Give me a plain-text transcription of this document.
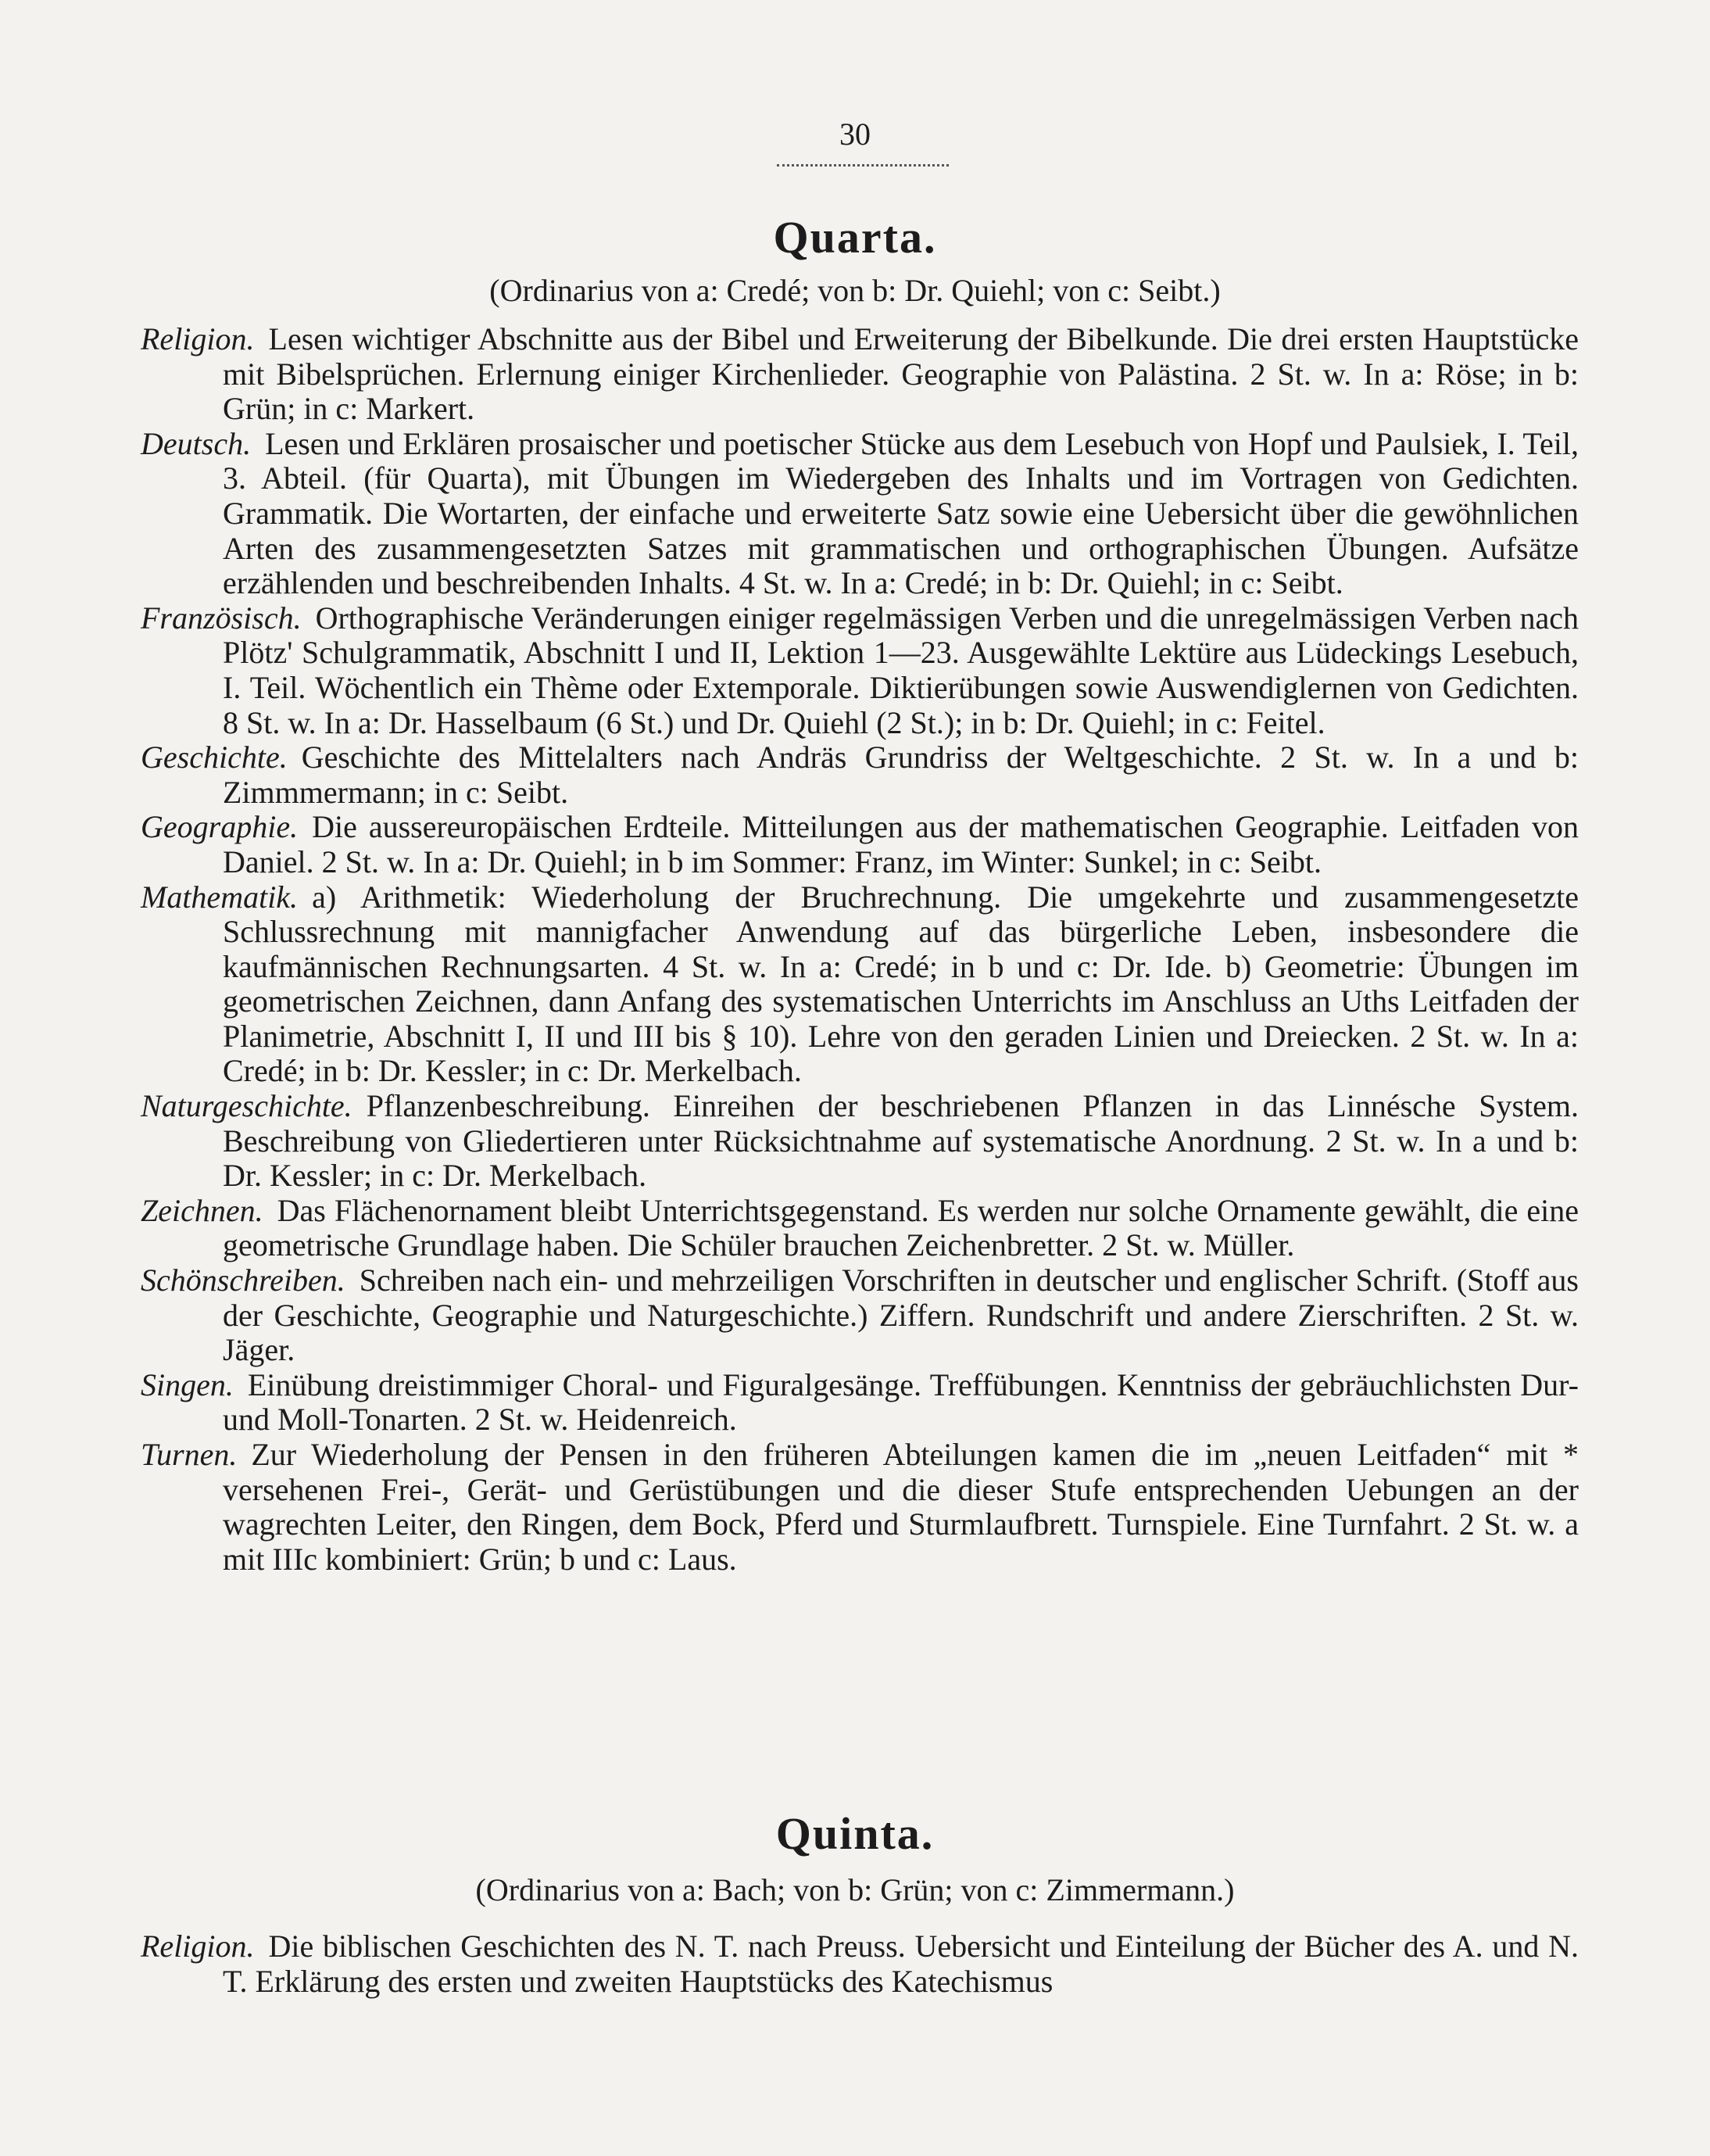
30
Quarta.
(Ordinarius von a: Credé; von b: Dr. Quiehl; von c: Seibt.)

Religion. Lesen wichtiger Abschnitte aus der Bibel und Erweiterung der Bibelkunde. Die drei ersten Hauptstücke mit Bibelsprüchen. Erlernung einiger Kirchenlieder. Geographie von Palästina. 2 St. w. In a: Röse; in b: Grün; in c: Markert.

Deutsch. Lesen und Erklären prosaischer und poetischer Stücke aus dem Lesebuch von Hopf und Paulsiek, I. Teil, 3. Abteil. (für Quarta), mit Übungen im Wiedergeben des Inhalts und im Vortragen von Gedichten. Grammatik. Die Wortarten, der einfache und erweiterte Satz sowie eine Uebersicht über die gewöhnlichen Arten des zusammengesetzten Satzes mit grammatischen und orthographischen Übungen. Aufsätze erzählenden und beschreibenden Inhalts. 4 St. w. In a: Credé; in b: Dr. Quiehl; in c: Seibt.

Französisch. Orthographische Veränderungen einiger regelmässigen Verben und die unregelmässigen Verben nach Plötz' Schulgrammatik, Abschnitt I und II, Lektion 1—23. Ausgewählte Lektüre aus Lüdeckings Lesebuch, I. Teil. Wöchentlich ein Thème oder Extemporale. Diktierübungen sowie Auswendiglernen von Gedichten. 8 St. w. In a: Dr. Hasselbaum (6 St.) und Dr. Quiehl (2 St.); in b: Dr. Quiehl; in c: Feitel.

Geschichte. Geschichte des Mittelalters nach Andräs Grundriss der Weltgeschichte. 2 St. w. In a und b: Zimmmermann; in c: Seibt.

Geographie. Die aussereuropäischen Erdteile. Mitteilungen aus der mathematischen Geographie. Leitfaden von Daniel. 2 St. w. In a: Dr. Quiehl; in b im Sommer: Franz, im Winter: Sunkel; in c: Seibt.

Mathematik. a) Arithmetik: Wiederholung der Bruchrechnung. Die umgekehrte und zusammengesetzte Schlussrechnung mit mannigfacher Anwendung auf das bürgerliche Leben, insbesondere die kaufmännischen Rechnungsarten. 4 St. w. In a: Credé; in b und c: Dr. Ide. b) Geometrie: Übungen im geometrischen Zeichnen, dann Anfang des systematischen Unterrichts im Anschluss an Uths Leitfaden der Planimetrie, Abschnitt I, II und III bis § 10). Lehre von den geraden Linien und Dreiecken. 2 St. w. In a: Credé; in b: Dr. Kessler; in c: Dr. Merkelbach.

Naturgeschichte. Pflanzenbeschreibung. Einreihen der beschriebenen Pflanzen in das Linnésche System. Beschreibung von Gliedertieren unter Rücksichtnahme auf systematische Anordnung. 2 St. w. In a und b: Dr. Kessler; in c: Dr. Merkelbach.

Zeichnen. Das Flächenornament bleibt Unterrichtsgegenstand. Es werden nur solche Ornamente gewählt, die eine geometrische Grundlage haben. Die Schüler brauchen Zeichenbretter. 2 St. w. Müller.

Schönschreiben. Schreiben nach ein- und mehrzeiligen Vorschriften in deutscher und englischer Schrift. (Stoff aus der Geschichte, Geographie und Naturgeschichte.) Ziffern. Rundschrift und andere Zierschriften. 2 St. w. Jäger.

Singen. Einübung dreistimmiger Choral- und Figuralgesänge. Treffübungen. Kenntniss der gebräuchlichsten Dur- und Moll-Tonarten. 2 St. w. Heidenreich.

Turnen. Zur Wiederholung der Pensen in den früheren Abteilungen kamen die im „neuen Leitfaden“ mit * versehenen Frei-, Gerät- und Gerüstübungen und die dieser Stufe entsprechenden Uebungen an der wagrechten Leiter, den Ringen, dem Bock, Pferd und Sturmlaufbrett. Turnspiele. Eine Turnfahrt. 2 St. w. a mit IIIc kombiniert: Grün; b und c: Laus.

Quinta.
(Ordinarius von a: Bach; von b: Grün; von c: Zimmermann.)

Religion. Die biblischen Geschichten des N. T. nach Preuss. Uebersicht und Einteilung der Bücher des A. und N. T. Erklärung des ersten und zweiten Hauptstücks des Katechismus
